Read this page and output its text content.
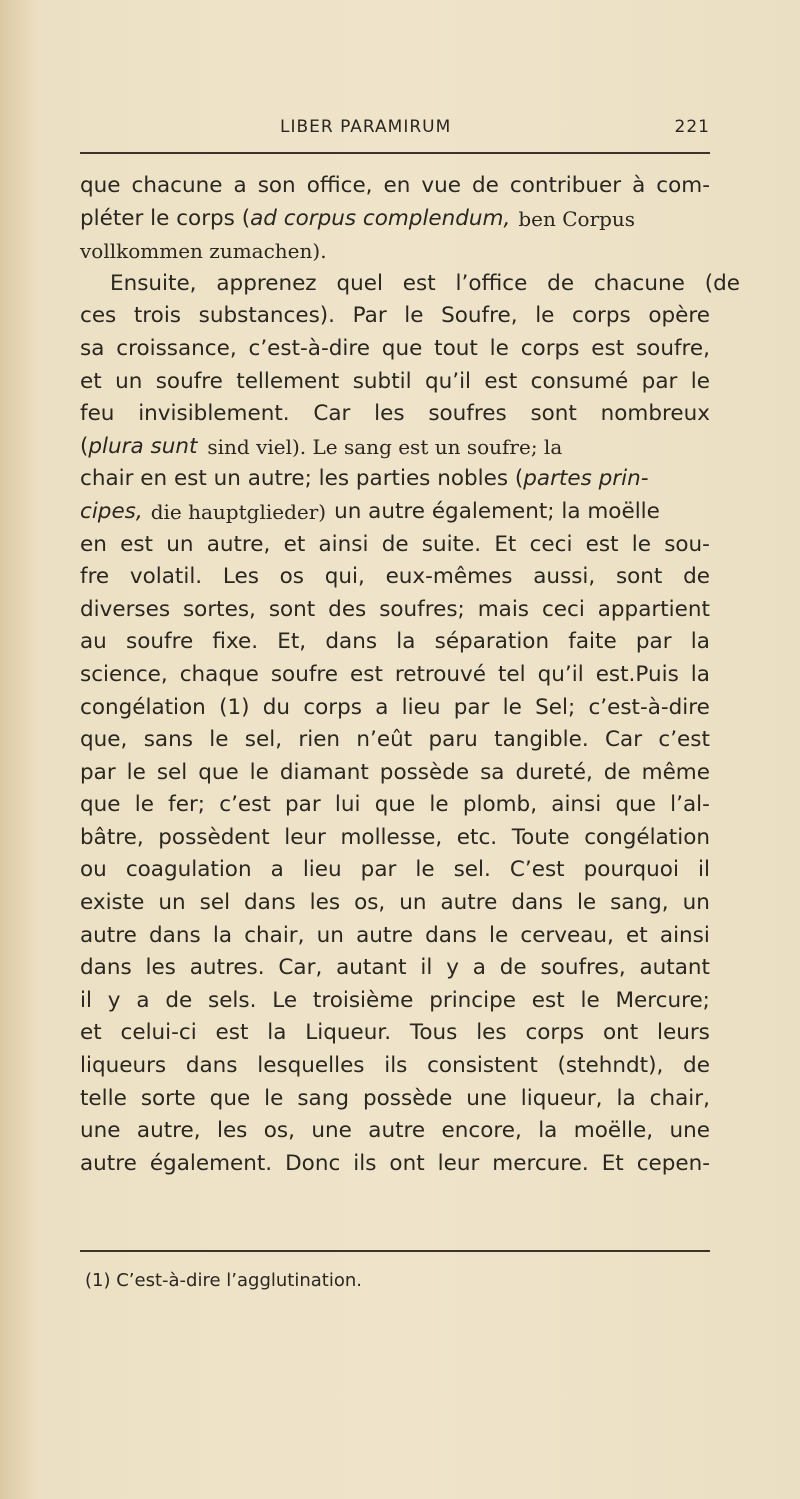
LIBER PARAMIRUM	221
que chacune a son office, en vue de contribuer à com-
pléter le corps ( ad corpus complendum, ben Corpus
vollkommen zumachen).
Ensuite, apprenez quel est l’office de chacune (de
ces trois substances). Par le Soufre, le corps opère
sa croissance, c’est-à-dire que tout le corps est soufre,
et un soufre tellement subtil qu’il est consumé par le
feu invisiblement. Car les soufres sont nombreux
( plura sunt sind viel). Le sang est un soufre; la
chair en est un autre; les parties nobles ( partes prin-
cipes, die hauptglieder) un autre également; la moëlle
en est un autre, et ainsi de suite. Et ceci est le sou-
fre volatil. Les os qui, eux-mêmes aussi, sont de
diverses sortes, sont des soufres; mais ceci appartient
au soufre fixe. Et, dans la séparation faite par la
science, chaque soufre est retrouvé tel qu’il est.Puis la
congélation (1) du corps a lieu par le Sel; c’est-à-dire
que, sans le sel, rien n’eût paru tangible. Car c’est
par le sel que le diamant possède sa dureté, de même
que le fer; c’est par lui que le plomb, ainsi que l’al-
bâtre, possèdent leur mollesse, etc. Toute congélation
ou coagulation a lieu par le sel. C’est pourquoi il
existe un sel dans les os, un autre dans le sang, un
autre dans la chair, un autre dans le cerveau, et ainsi
dans les autres. Car, autant il y a de soufres, autant
il y a de sels. Le troisième principe est le Mercure;
et celui-ci est la Liqueur. Tous les corps ont leurs
liqueurs dans lesquelles ils consistent (stehndt), de
telle sorte que le sang possède une liqueur, la chair,
une autre, les os, une autre encore, la moëlle, une
autre également. Donc ils ont leur mercure. Et cepen-
(1) C’est-à-dire l’agglutination.
